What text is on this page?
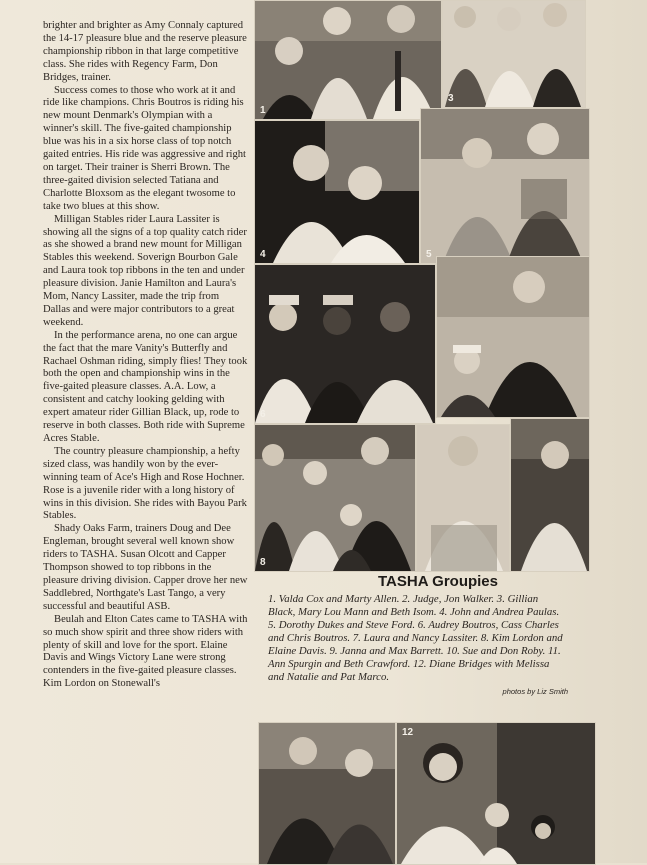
brighter and brighter as Amy Connaly captured the 14-17 pleasure blue and the reserve pleasure championship ribbon in that large competitive class. She rides with Regency Farm, Don Bridges, trainer.

Success comes to those who work at it and ride like champions. Chris Boutros is riding his new mount Denmark's Olympian with a winner's skill. The five-gaited championship blue was his in a six horse class of top notch gaited entries. His ride was aggressive and right on target. Their trainer is Sherri Brown. The three-gaited division selected Tatiana and Charlotte Bloxsom as the elegant twosome to take two blues at this show.

Milligan Stables rider Laura Lassiter is showing all the signs of a top quality catch rider as she showed a brand new mount for Milligan Stables this weekend. Soverign Bourbon Gale and Laura took top ribbons in the ten and under pleasure division. Janie Hamilton and Laura's Mom, Nancy Lassiter, made the trip from Dallas and were major contributors to a great weekend.

In the performance arena, no one can argue the fact that the mare Vanity's Butterfly and Rachael Oshman riding, simply flies! They took both the open and championship wins in the five-gaited pleasure classes. A.A. Low, a consistent and catchy looking gelding with expert amateur rider Gillian Black, up, rode to reserve in both classes. Both ride with Supreme Acres Stable.

The country pleasure championship, a hefty sized class, was handily won by the ever-winning team of Ace's High and Rose Hochner. Rose is a juvenile rider with a long history of wins in this division. She rides with Bayou Park Stables.

Shady Oaks Farm, trainers Doug and Dee Engleman, brought several well known show riders to TASHA. Susan Olcott and Capper Thompson showed to top ribbons in the pleasure driving division. Capper drove her new Saddlebred, Northgate's Last Tango, a very successful and beautiful ASB.

Beulah and Elton Cates came to TASHA with so much show spirit and three show riders with plenty of skill and love for the sport. Elaine Davis and Wings Victory Lane were strong contenders in the five-gaited pleasure classes. Kim Lordon on Stonewall's

1
3
4	5
6
8
TASHA Groupies

1. Valda Cox and Marty Allen. 2. Judge, Jon Walker. 3. Gillian Black, Mary Lou Mann and Beth Isom. 4. John and Andrea Paulas. 5. Dorothy Dukes and Steve Ford. 6. Audrey Boutros, Cass Charles and Chris Boutros. 7. Laura and Nancy Lassiter. 8. Kim Lordon and Elaine Davis. 9. Janna and Max Barrett. 10. Sue and Don Roby. 11. Ann Spurgin and Beth Crawford. 12. Diane Bridges with Melissa and Natalie and Pat Marco.

photos by Liz Smith
12
